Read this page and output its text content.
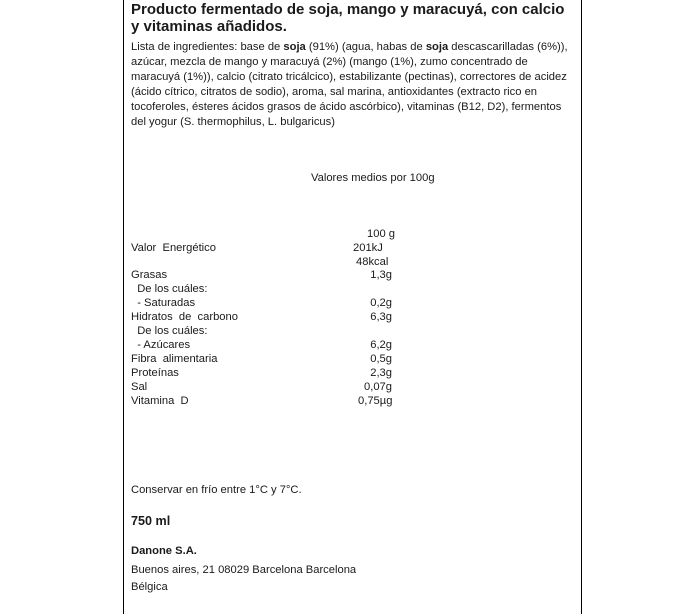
Producto fermentado de soja, mango y maracuyá, con calcio y vitaminas añadidos.
Lista de ingredientes: base de soja (91%) (agua, habas de soja descascarilladas (6%)), azúcar, mezcla de mango y maracuyá (2%) (mango (1%), zumo concentrado de maracuyá (1%)), calcio (citrato tricálcico), estabilizante (pectinas), correctores de acidez (ácido cítrico, citratos de sodio), aroma, sal marina, antioxidantes (extracto rico en tocoferoles, ésteres ácidos grasos de ácido ascórbico), vitaminas (B12, D2), fermentos del yogur (S. thermophilus, L. bulgaricus)
Valores medios por 100g
100 g
Valor  Energético	201kJ
48kcal
Grasas	1,3g
De los cuáles:
- Saturadas	0,2g
Hidratos  de  carbono	6,3g
De los cuáles:
- Azúcares	6,2g
Fibra  alimentaria	0,5g
Proteínas	2,3g
Sal	0,07g
Vitamina  D	0,75µg
Conservar en frío entre 1°C y 7°C.
750 ml
Danone S.A.
Buenos aires, 21 08029 Barcelona Barcelona
Bélgica
